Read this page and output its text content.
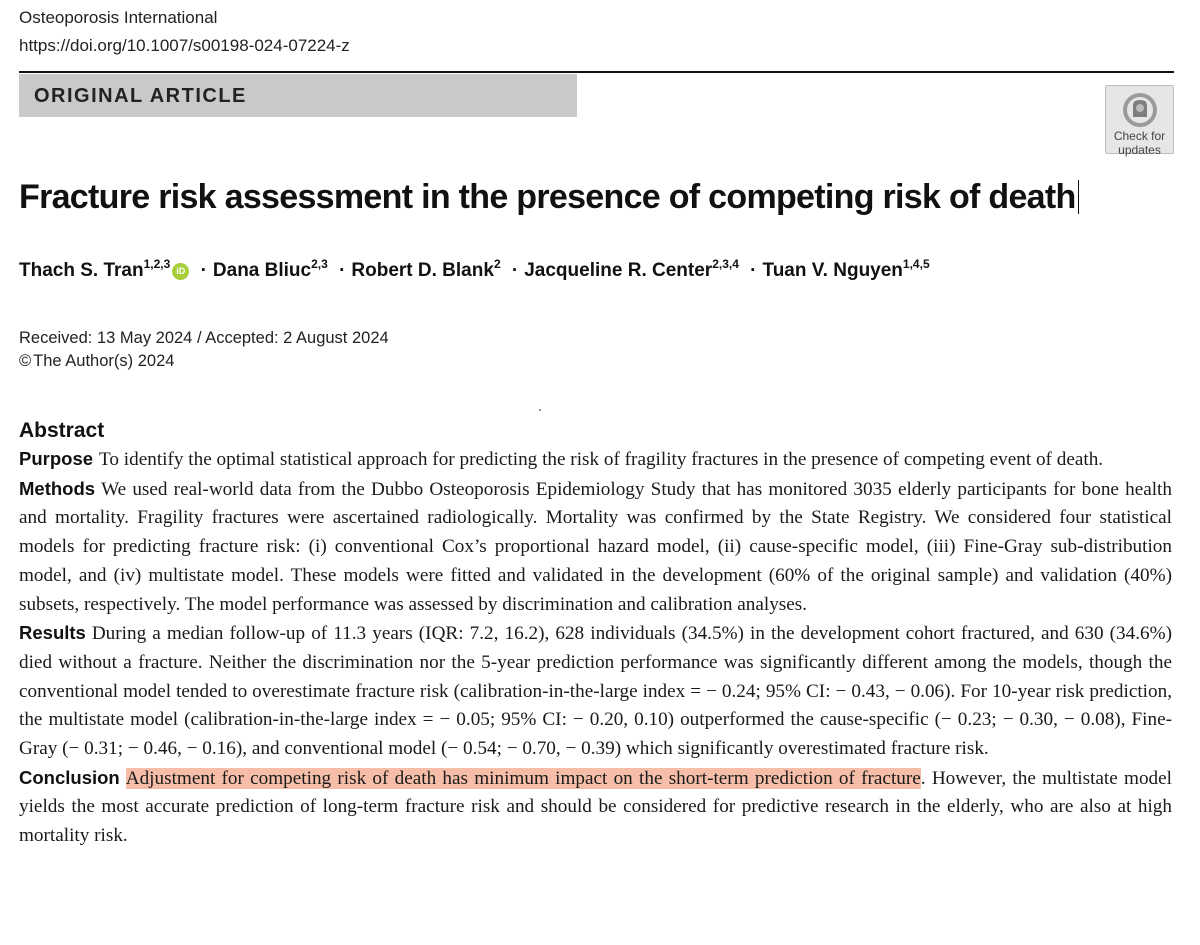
Osteoporosis International
https://doi.org/10.1007/s00198-024-07224-z
ORIGINAL ARTICLE
Check for
updates
Fracture risk assessment in the presence of competing risk of death
Thach S. Tran$^{1,2,3}$ iD · Dana Bliuc$^{2,3}$ · Robert D. Blank$^2$ · Jacqueline R. Center$^{2,3,4}$ · Tuan V. Nguyen$^{1,4,5}$
Received: 13 May 2024 / Accepted: 2 August 2024
© The Author(s) 2024
Abstract

Purpose To identify the optimal statistical approach for predicting the risk of fragility fractures in the presence of competing event of death.

Methods We used real-world data from the Dubbo Osteoporosis Epidemiology Study that has monitored 3035 elderly participants for bone health and mortality. Fragility fractures were ascertained radiologically. Mortality was confirmed by the State Registry. We considered four statistical models for predicting fracture risk: (i) conventional Cox’s proportional hazard model, (ii) cause-specific model, (iii) Fine-Gray sub-distribution model, and (iv) multistate model. These models were fitted and validated in the development (60% of the original sample) and validation (40%) subsets, respectively. The model performance was assessed by discrimination and calibration analyses.

Results During a median follow-up of 11.3 years (IQR: 7.2, 16.2), 628 individuals (34.5%) in the development cohort fractured, and 630 (34.6%) died without a fracture. Neither the discrimination nor the 5-year prediction performance was significantly different among the models, though the conventional model tended to overestimate fracture risk (calibration-in-the-large index = − 0.24; 95% CI: − 0.43, − 0.06). For 10-year risk prediction, the multistate model (calibration-in-the-large index = − 0.05; 95% CI: − 0.20, 0.10) outperformed the cause-specific (− 0.23; − 0.30, − 0.08), Fine-Gray (− 0.31; − 0.46, − 0.16), and conventional model (− 0.54; − 0.70, − 0.39) which significantly overestimated fracture risk.

Conclusion Adjustment for competing risk of death has minimum impact on the short-term prediction of fracture. However, the multistate model yields the most accurate prediction of long-term fracture risk and should be considered for predictive research in the elderly, who are also at high mortality risk.
